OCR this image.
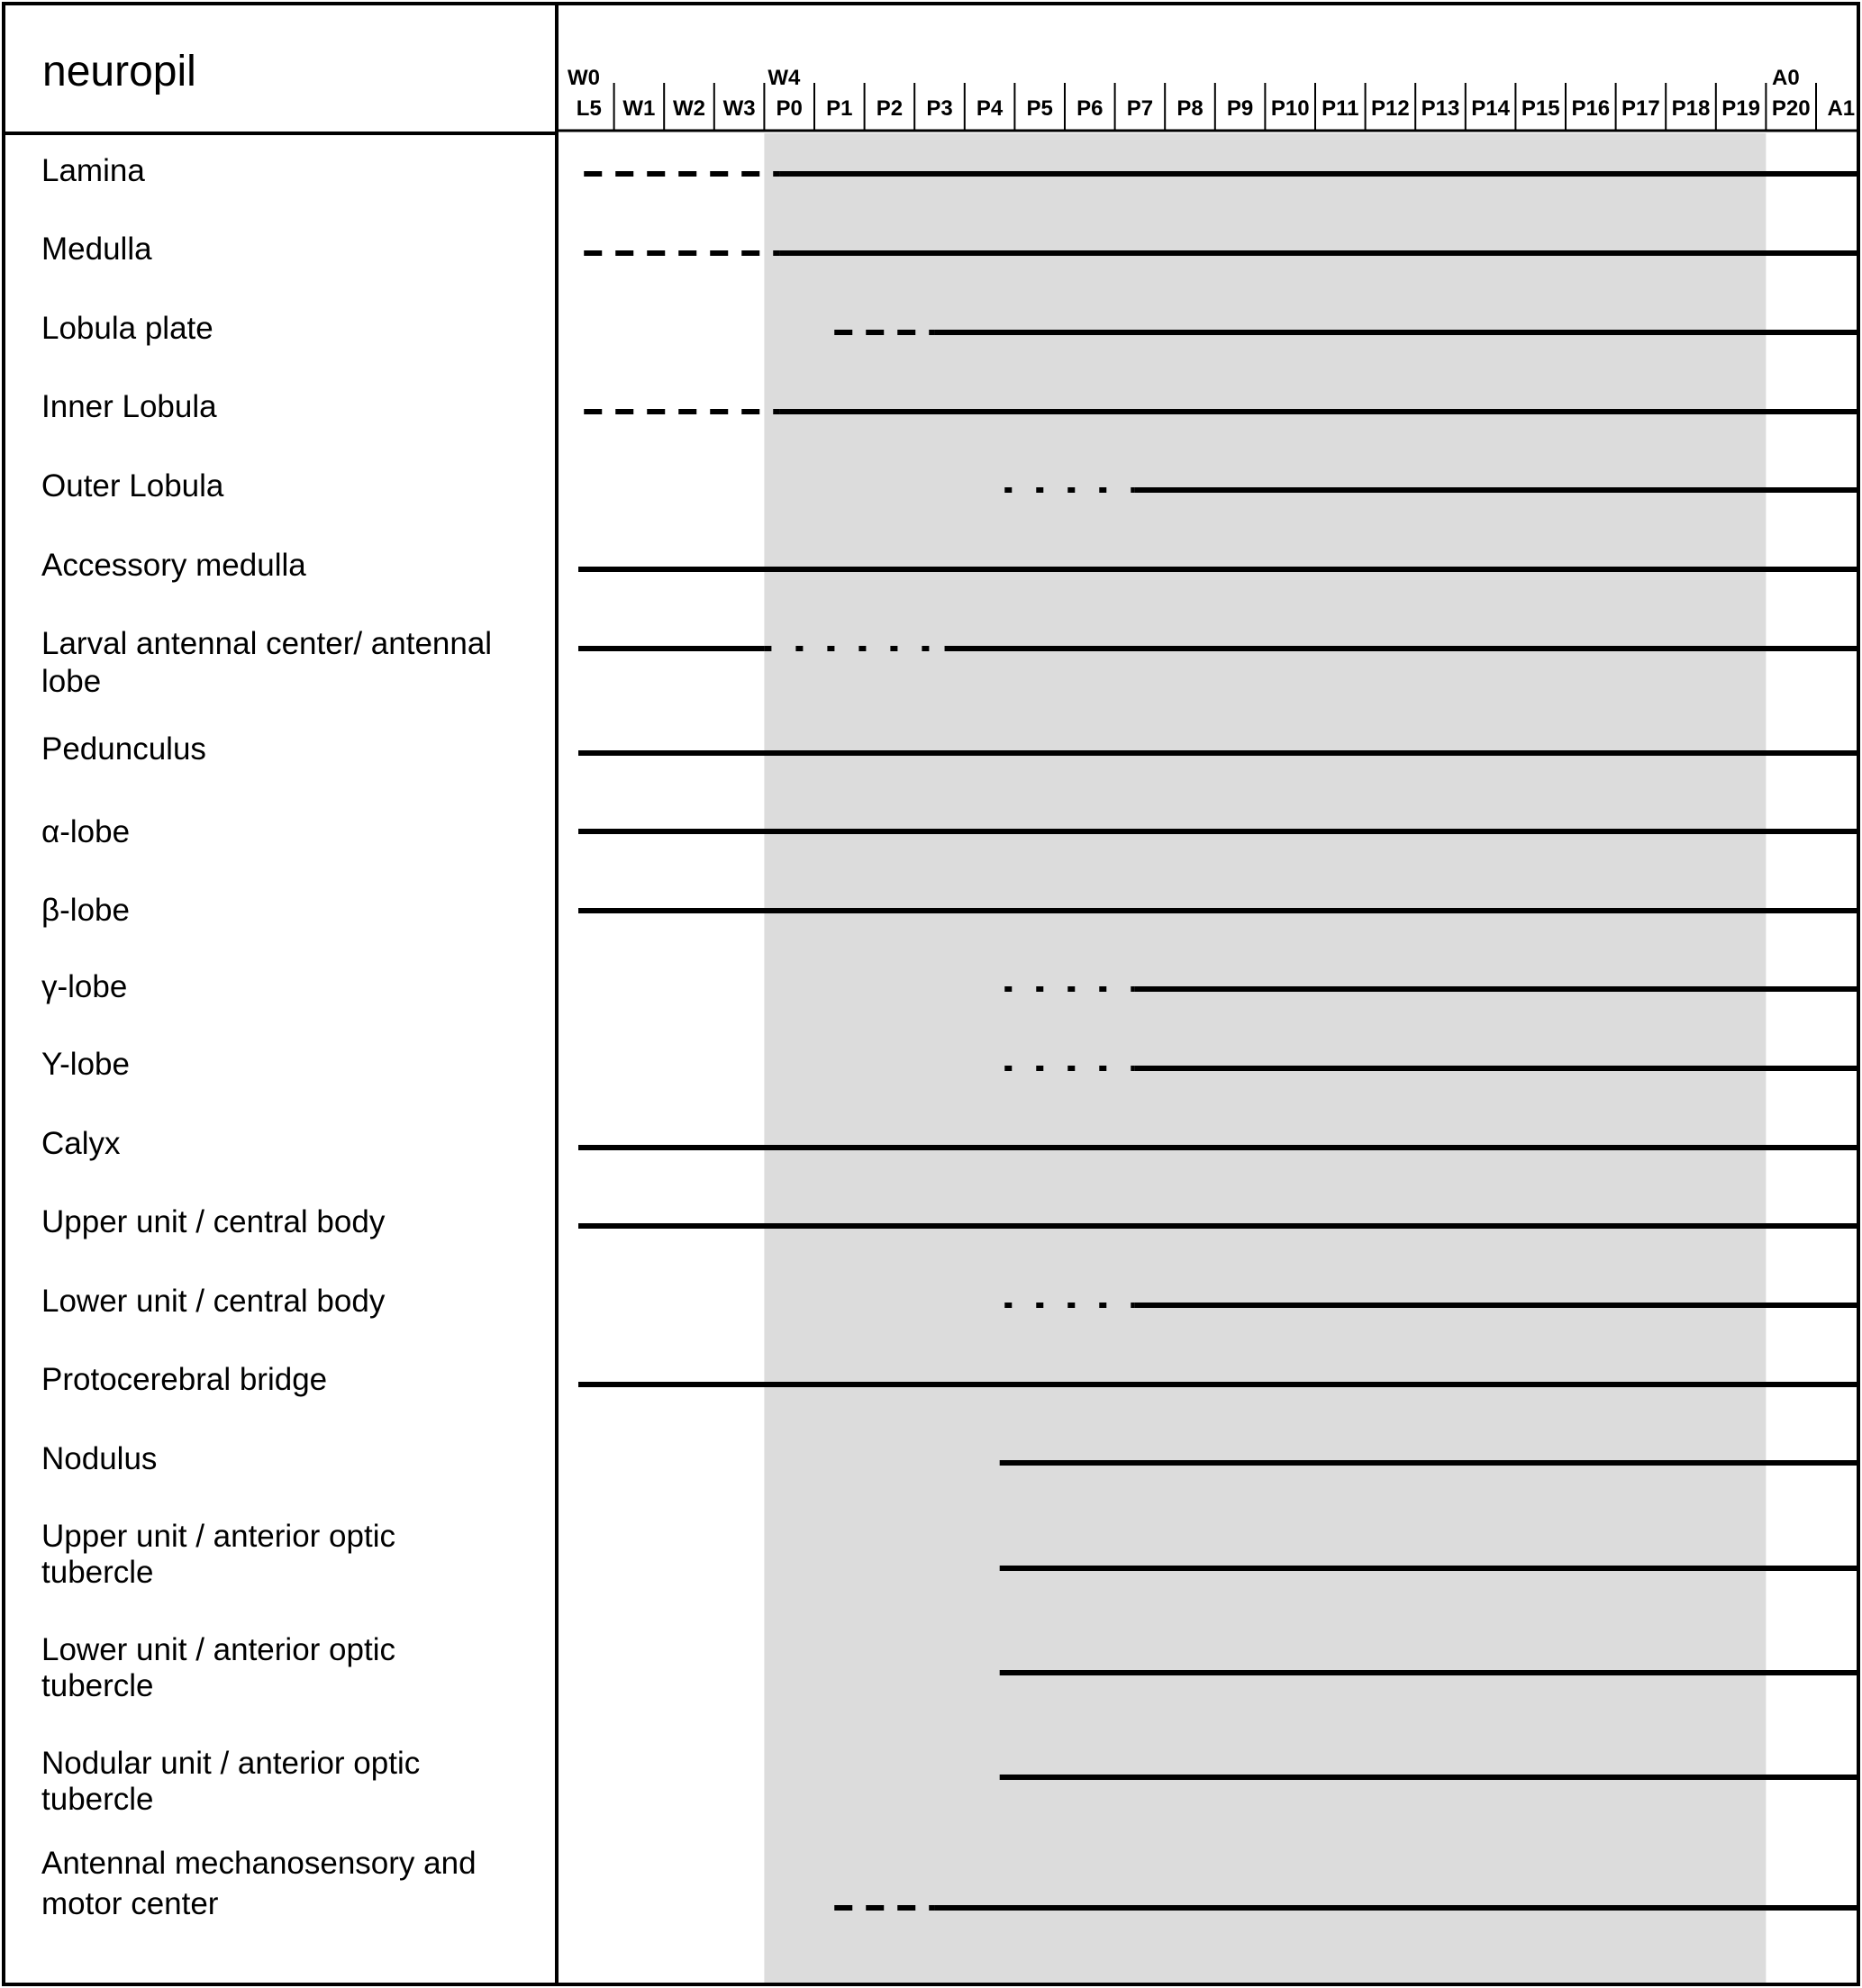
L5 W1 W2 W3 P0 P1 P2 P3 P4 P5 P6 P7 P8 P9 P10 P11 P12 P13 P14 P15 P16 P17 P18 P19 P20 A1
W0	W4	A0
neuropil
Lamina
Medulla
Lobula plate
Inner Lobula
Outer Lobula
Accessory medulla
Larval antennal center/ antennal lobe
Pedunculus
α-lobe
β-lobe
γ-lobe
Y-lobe
Calyx
Upper unit / central body
Lower unit / central body
Protocerebral bridge
Nodulus
Upper unit / anterior optic tubercle
Lower unit / anterior optic tubercle
Nodular unit / anterior optic tubercle
Antennal mechanosensory and motor center
